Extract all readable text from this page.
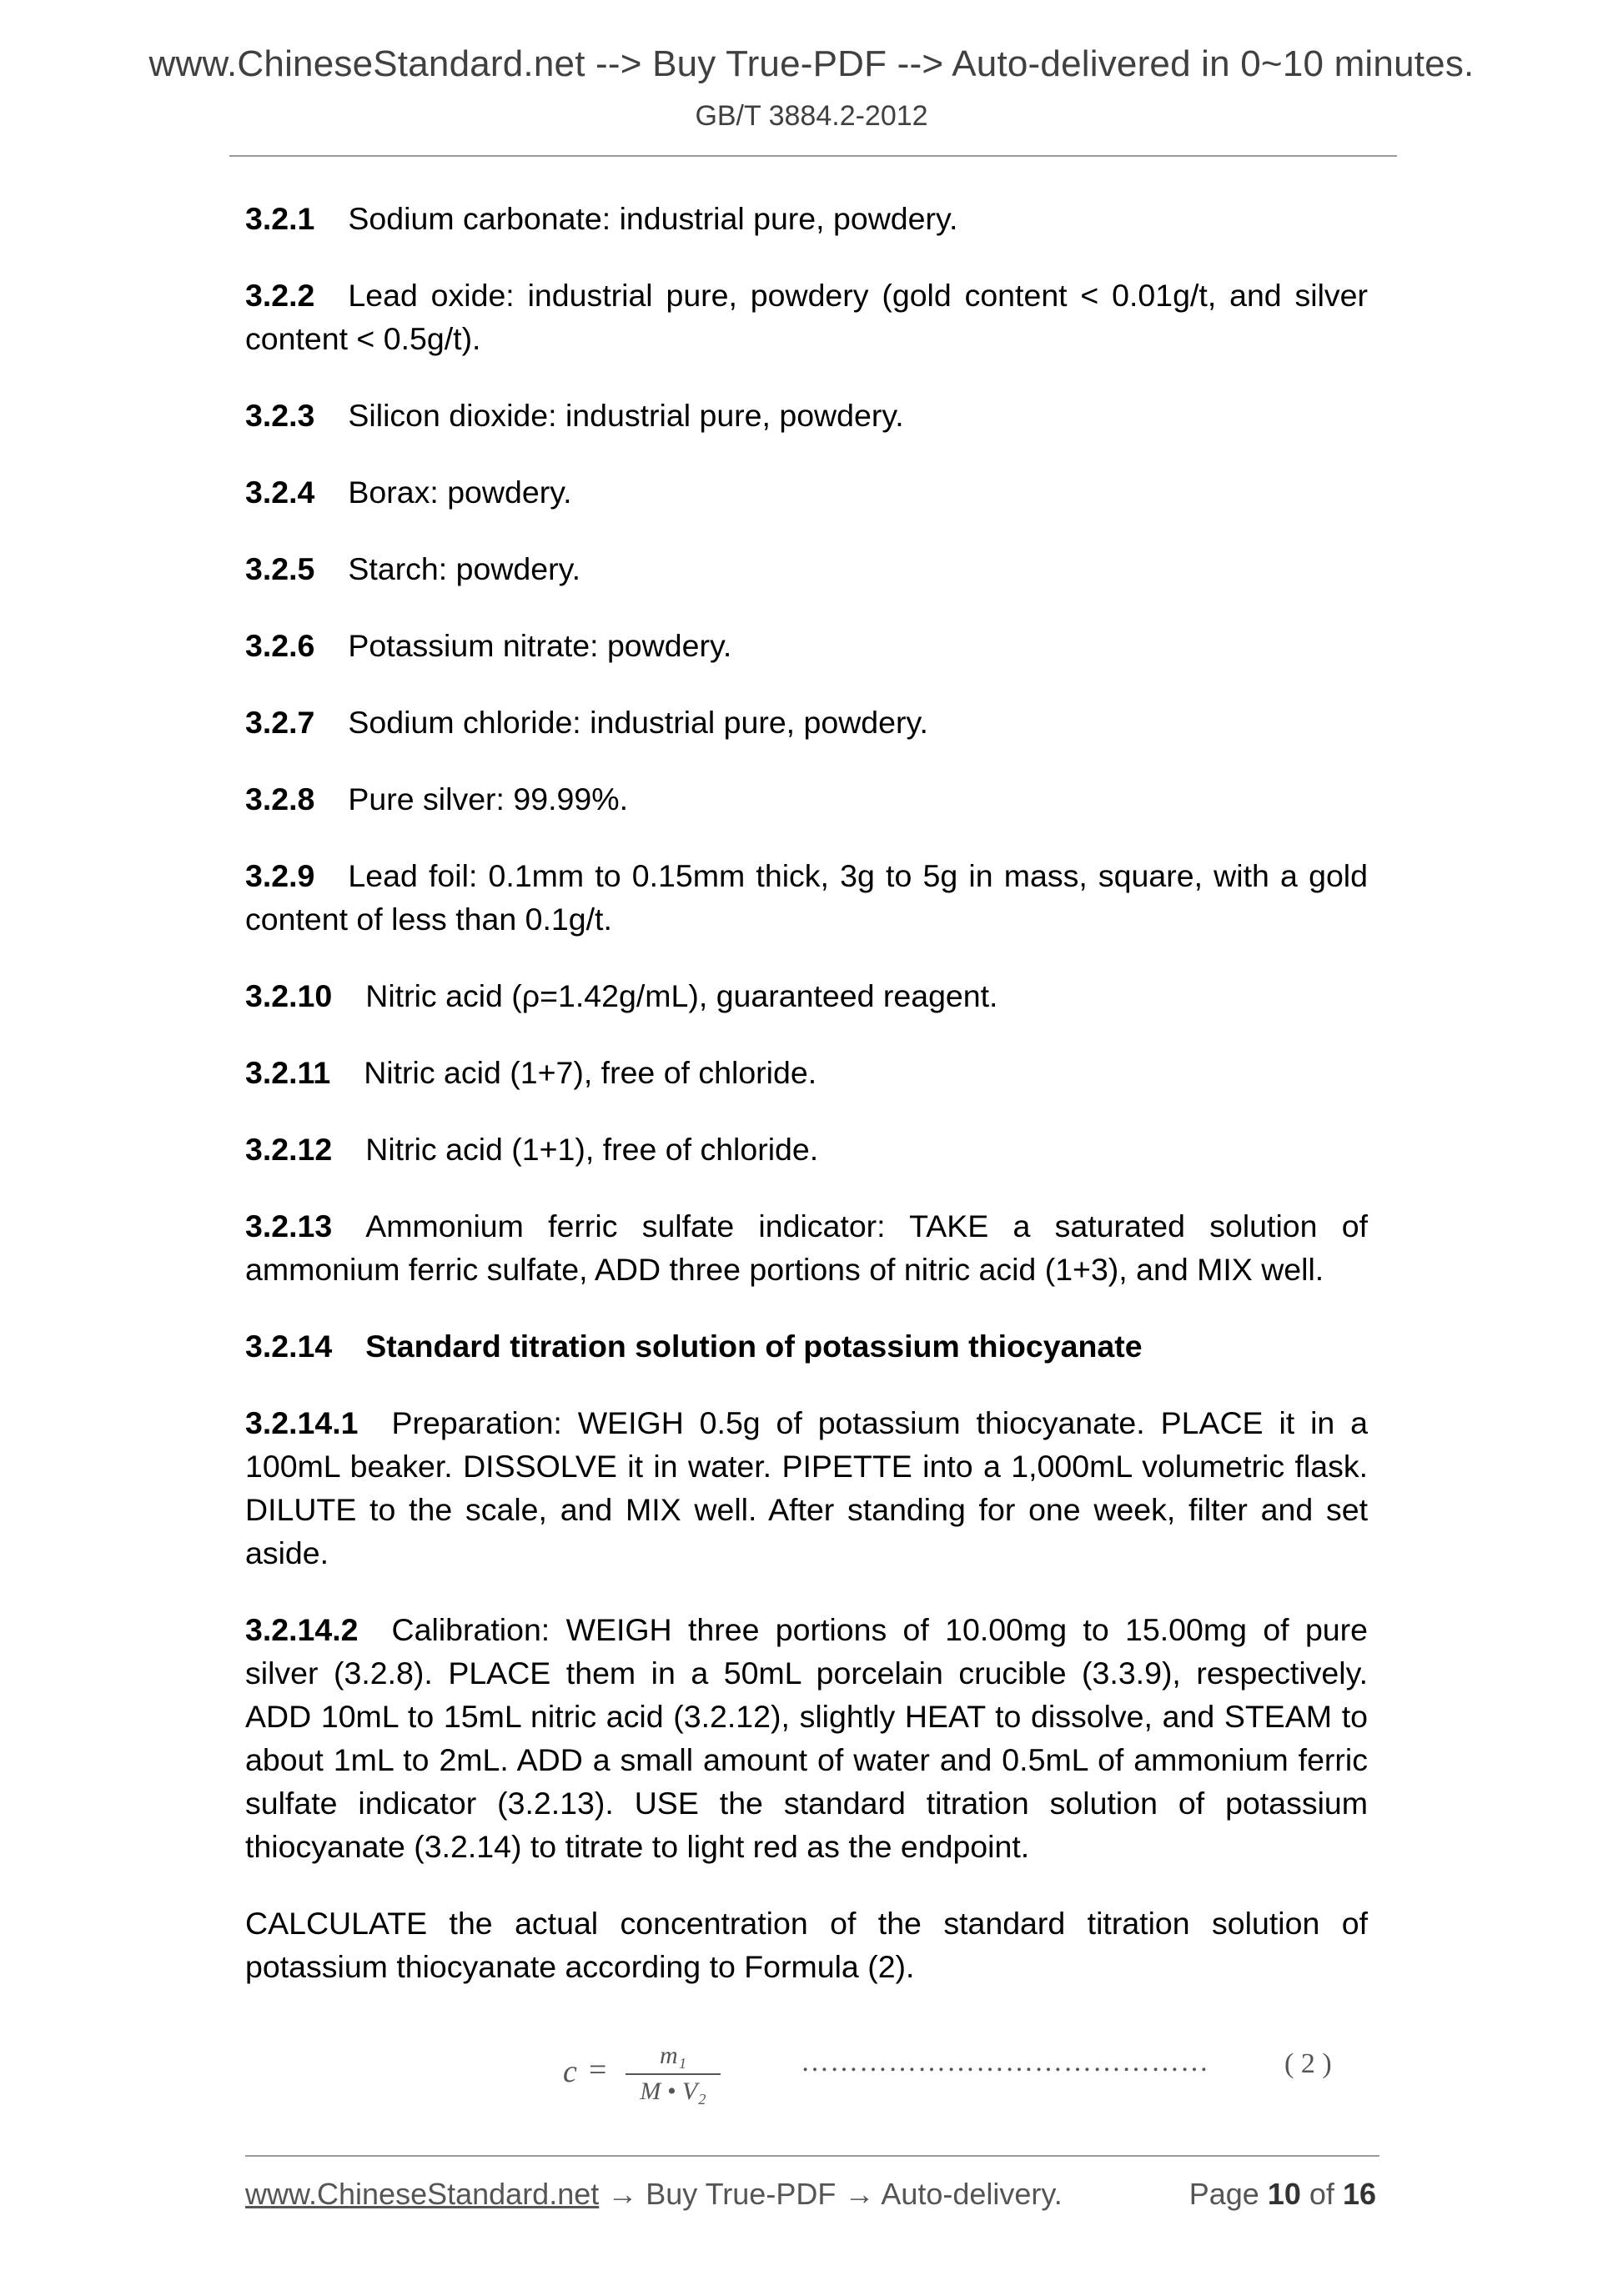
www.ChineseStandard.net --> Buy True-PDF --> Auto-delivered in 0~10 minutes.
GB/T 3884.2-2012

3.2.1 Sodium carbonate: industrial pure, powdery.

3.2.2 Lead oxide: industrial pure, powdery (gold content < 0.01g/t, and silver content < 0.5g/t).

3.2.3 Silicon dioxide: industrial pure, powdery.

3.2.4 Borax: powdery.

3.2.5 Starch: powdery.

3.2.6 Potassium nitrate: powdery.

3.2.7 Sodium chloride: industrial pure, powdery.

3.2.8 Pure silver: 99.99%.

3.2.9 Lead foil: 0.1mm to 0.15mm thick, 3g to 5g in mass, square, with a gold content of less than 0.1g/t.

3.2.10 Nitric acid (ρ=1.42g/mL), guaranteed reagent.

3.2.11 Nitric acid (1+7), free of chloride.

3.2.12 Nitric acid (1+1), free of chloride.

3.2.13 Ammonium ferric sulfate indicator: TAKE a saturated solution of ammonium ferric sulfate, ADD three portions of nitric acid (1+3), and MIX well.

3.2.14 Standard titration solution of potassium thiocyanate

3.2.14.1 Preparation: WEIGH 0.5g of potassium thiocyanate. PLACE it in a 100mL beaker. DISSOLVE it in water. PIPETTE into a 1,000mL volumetric flask. DILUTE to the scale, and MIX well. After standing for one week, filter and set aside.

3.2.14.2 Calibration: WEIGH three portions of 10.00mg to 15.00mg of pure silver (3.2.8). PLACE them in a 50mL porcelain crucible (3.3.9), respectively. ADD 10mL to 15mL nitric acid (3.2.12), slightly HEAT to dissolve, and STEAM to about 1mL to 2mL. ADD a small amount of water and 0.5mL of ammonium ferric sulfate indicator (3.2.13). USE the standard titration solution of potassium thiocyanate (3.2.14) to titrate to light red as the endpoint.

CALCULATE the actual concentration of the standard titration solution of potassium thiocyanate according to Formula (2).

c =	m₁
M • V₂
……………………………………	( 2 )
www.ChineseStandard.net → Buy True-PDF → Auto-delivery.	Page 10 of 16
